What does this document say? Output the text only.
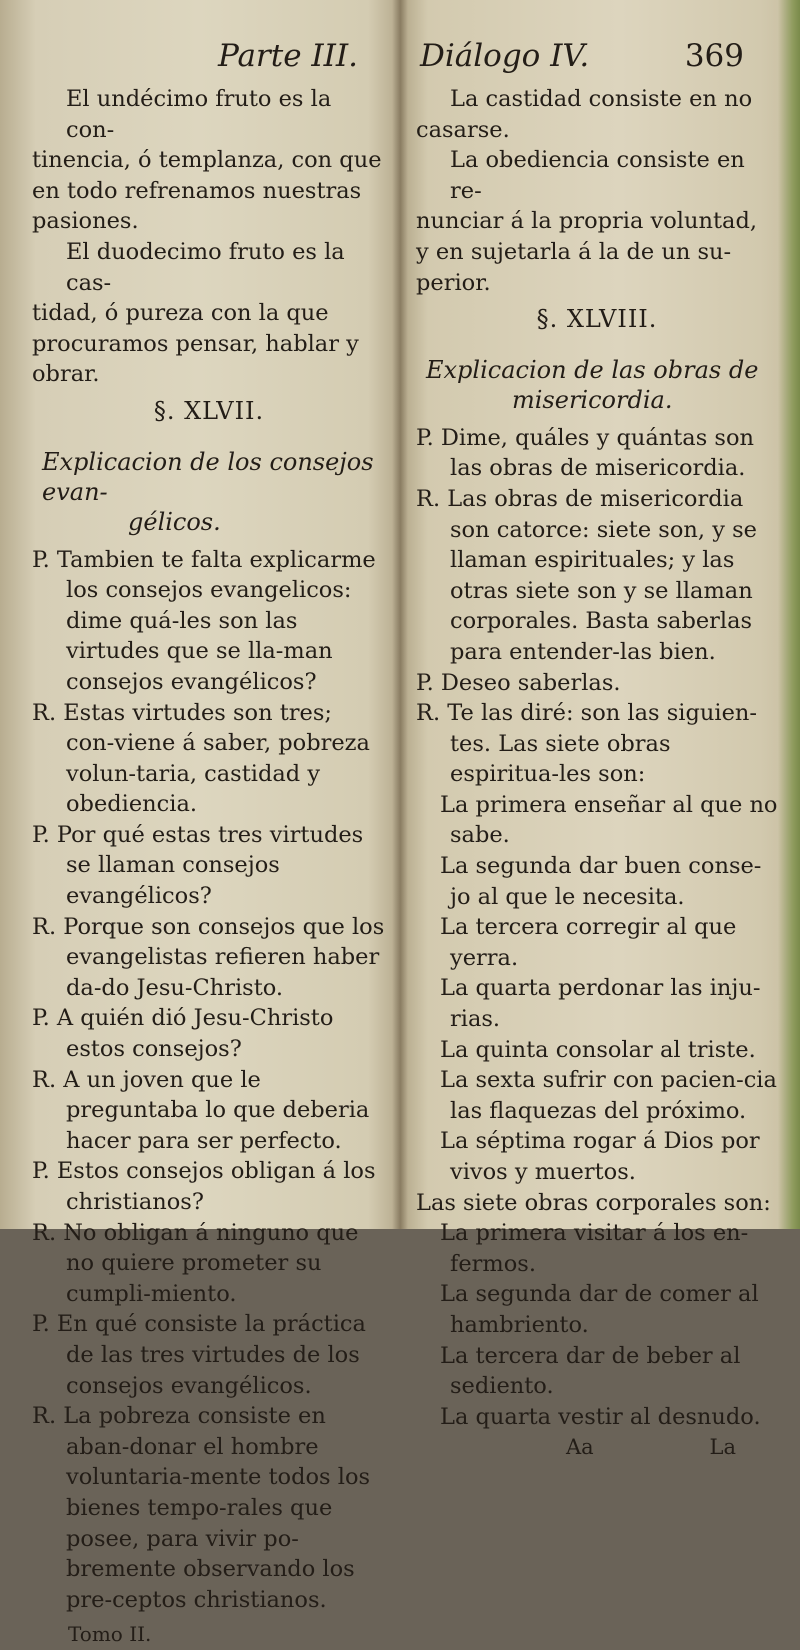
Parte III.

El undécimo fruto es la con-

tinencia, ó templanza, con que

en todo refrenamos nuestras

pasiones.

El duodecimo fruto es la cas-

tidad, ó pureza con la que

procuramos pensar, hablar y

obrar.

§. XLVII.
Explicacion de los consejos evan-
gélicos.

P. Tambien te falta explicarme los consejos evangelicos: dime quá-les son las virtudes que se lla-man consejos evangélicos?

R. Estas virtudes son tres; con-viene á saber, pobreza volun-taria, castidad y obediencia.

P. Por qué estas tres virtudes se llaman consejos evangélicos?

R. Porque son consejos que los evangelistas refieren haber da-do Jesu-Christo.

P. A quién dió Jesu-Christo estos consejos?

R. A un joven que le preguntaba lo que deberia hacer para ser perfecto.

P. Estos consejos obligan á los christianos?

R. No obligan á ninguno que no quiere prometer su cumpli-miento.

P. En qué consiste la práctica de las tres virtudes de los consejos evangélicos.

R. La pobreza consiste en aban-donar el hombre voluntaria-mente todos los bienes tempo-rales que posee, para vivir po-bremente observando los pre-ceptos christianos.

Tomo II.
Diálogo IV.	369

La castidad consiste en no

casarse.

La obediencia consiste en re-

nunciar á la propria voluntad,

y en sujetarla á la de un su-

perior.

§. XLVIII.
Explicacion de las obras de
misericordia.

P. Dime, quáles y quántas son las obras de misericordia.

R. Las obras de misericordia son catorce: siete son, y se llaman espirituales; y las otras siete son y se llaman corporales. Basta saberlas para entender-las bien.

P. Deseo saberlas.

R. Te las diré: son las siguien-tes. Las siete obras espiritua-les son:

La primera enseñar al que no sabe.

La segunda dar buen conse-jo al que le necesita.

La tercera corregir al que yerra.

La quarta perdonar las inju-rias.

La quinta consolar al triste.

La sexta sufrir con pacien-cia las flaquezas del próximo.

La séptima rogar á Dios por vivos y muertos.

Las siete obras corporales son:

La primera visitar á los en-fermos.

La segunda dar de comer al hambriento.

La tercera dar de beber al sediento.

La quarta vestir al desnudo.

Aa	La
